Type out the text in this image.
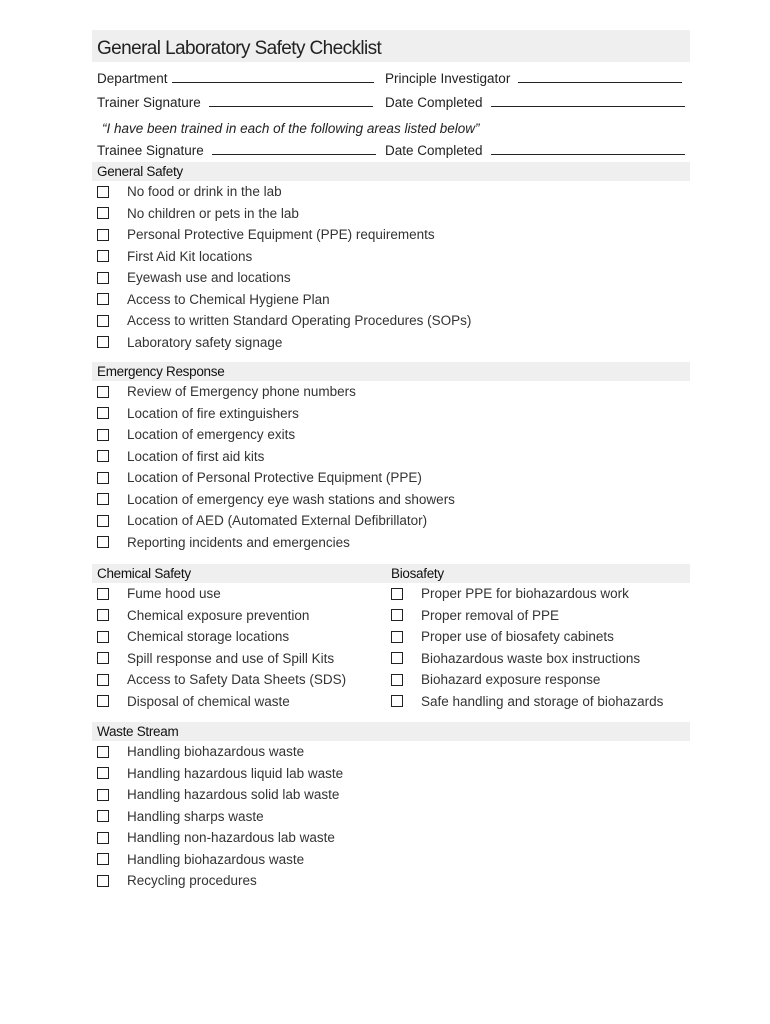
General Laboratory Safety Checklist
Department	Principle Investigator
Trainer Signature	Date Completed
“I have been trained in each of the following areas listed below”
Trainee Signature	Date Completed
General Safety
No food or drink in the lab
No children or pets in the lab
Personal Protective Equipment (PPE) requirements
First Aid Kit locations
Eyewash use and locations
Access to Chemical Hygiene Plan
Access to written Standard Operating Procedures (SOPs)
Laboratory safety signage
Emergency Response
Review of Emergency phone numbers
Location of fire extinguishers
Location of emergency exits
Location of first aid kits
Location of Personal Protective Equipment (PPE)
Location of emergency eye wash stations and showers
Location of AED (Automated External Defibrillator)
Reporting incidents and emergencies
Chemical Safety
Fume hood use
Chemical exposure prevention
Chemical storage locations
Spill response and use of Spill Kits
Access to Safety Data Sheets (SDS)
Disposal of chemical waste
Biosafety
Proper PPE for biohazardous work
Proper removal of PPE
Proper use of biosafety cabinets
Biohazardous waste box instructions
Biohazard exposure response
Safe handling and storage of biohazards
Waste Stream
Handling biohazardous waste
Handling hazardous liquid lab waste
Handling hazardous solid lab waste
Handling sharps waste
Handling non-hazardous lab waste
Handling biohazardous waste
Recycling procedures
